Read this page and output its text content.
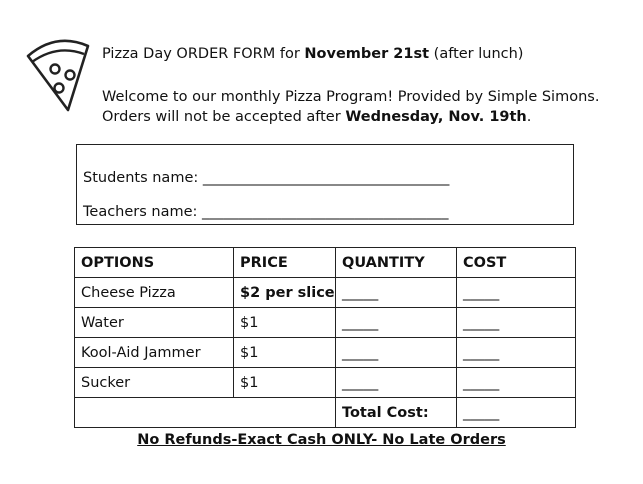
Pizza Day ORDER FORM for November 21st (after lunch)

Welcome to our monthly Pizza Program! Provided by Simple Simons.

Orders will not be accepted after Wednesday, Nov. 19th.

Students name: __________________________________
Teachers name: __________________________________
OPTIONS	PRICE	QUANTITY	COST
Cheese Pizza	$2 per slice	_____	_____
Water	$1	_____	_____
Kool-Aid Jammer	$1	_____	_____
Sucker	$1	_____	_____
		Total Cost:	_____
No Refunds-Exact Cash ONLY- No Late Orders
